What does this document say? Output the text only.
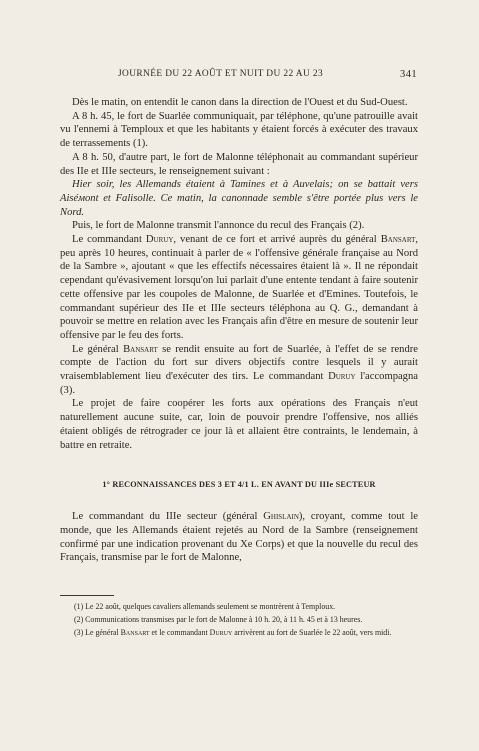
JOURNÉE DU 22 AOÛT ET NUIT DU 22 AU 23	341

Dès le matin, on entendit le canon dans la direction de l'Ouest et du Sud-Ouest.

A 8 h. 45, le fort de Suarlée communiquait, par téléphone, qu'une patrouille avait vu l'ennemi à Temploux et que les habitants y étaient forcés à exécuter des travaux de terrassements (1).

A 8 h. 50, d'autre part, le fort de Malonne téléphonait au commandant supérieur des IIe et IIIe secteurs, le renseignement suivant :

Hier soir, les Allemands étaient à Tamines et à Auvelais; on se battait vers Aiséмont et Falisolle. Ce matin, la canonnade semble s'être portée plus vers le Nord.

Puis, le fort de Malonne transmit l'annonce du recul des Français (2).

Le commandant Duruy, venant de ce fort et arrivé auprès du général Bansart, peu après 10 heures, continuait à parler de « l'offensive générale française au Nord de la Sambre », ajoutant « que les effectifs nécessaires étaient là ». Il ne répondait cependant qu'évasivement lorsqu'on lui parlait d'une entente tendant à faire soutenir cette offensive par les coupoles de Malonne, de Suarlée et d'Emines. Toutefois, le commandant supérieur des IIe et IIIe secteurs téléphona au Q. G., demandant à pouvoir se mettre en relation avec les Français afin d'être en mesure de soutenir leur offensive par le feu des forts.

Le général Bansart se rendit ensuite au fort de Suarlée, à l'effet de se rendre compte de l'action du fort sur divers objectifs contre lesquels il y aurait vraisemblablement lieu d'exécuter des tirs. Le commandant Duruy l'accompagna (3).

Le projet de faire coopérer les forts aux opérations des Français n'eut naturellement aucune suite, car, loin de pouvoir prendre l'offensive, nos alliés étaient obligés de rétrograder ce jour là et allaient être contraints, le lendemain, à battre en retraite.

1° RECONNAISSANCES DES 3 ET 4/1 L. EN AVANT DU IIIe SECTEUR

Le commandant du IIIe secteur (général Ghislain), croyant, comme tout le monde, que les Allemands étaient rejetés au Nord de la Sambre (renseignement confirmé par une indication provenant du Xe Corps) et que la nouvelle du recul des Français, transmise par le fort de Malonne,

(1) Le 22 août, quelques cavaliers allemands seulement se montrèrent à Temploux.

(2) Communications transmises par le fort de Malonne à 10 h. 20, à 11 h. 45 et à 13 heures.

(3) Le général Bansart et le commandant Duruy arrivèrent au fort de Suarlée le 22 août, vers midi.
